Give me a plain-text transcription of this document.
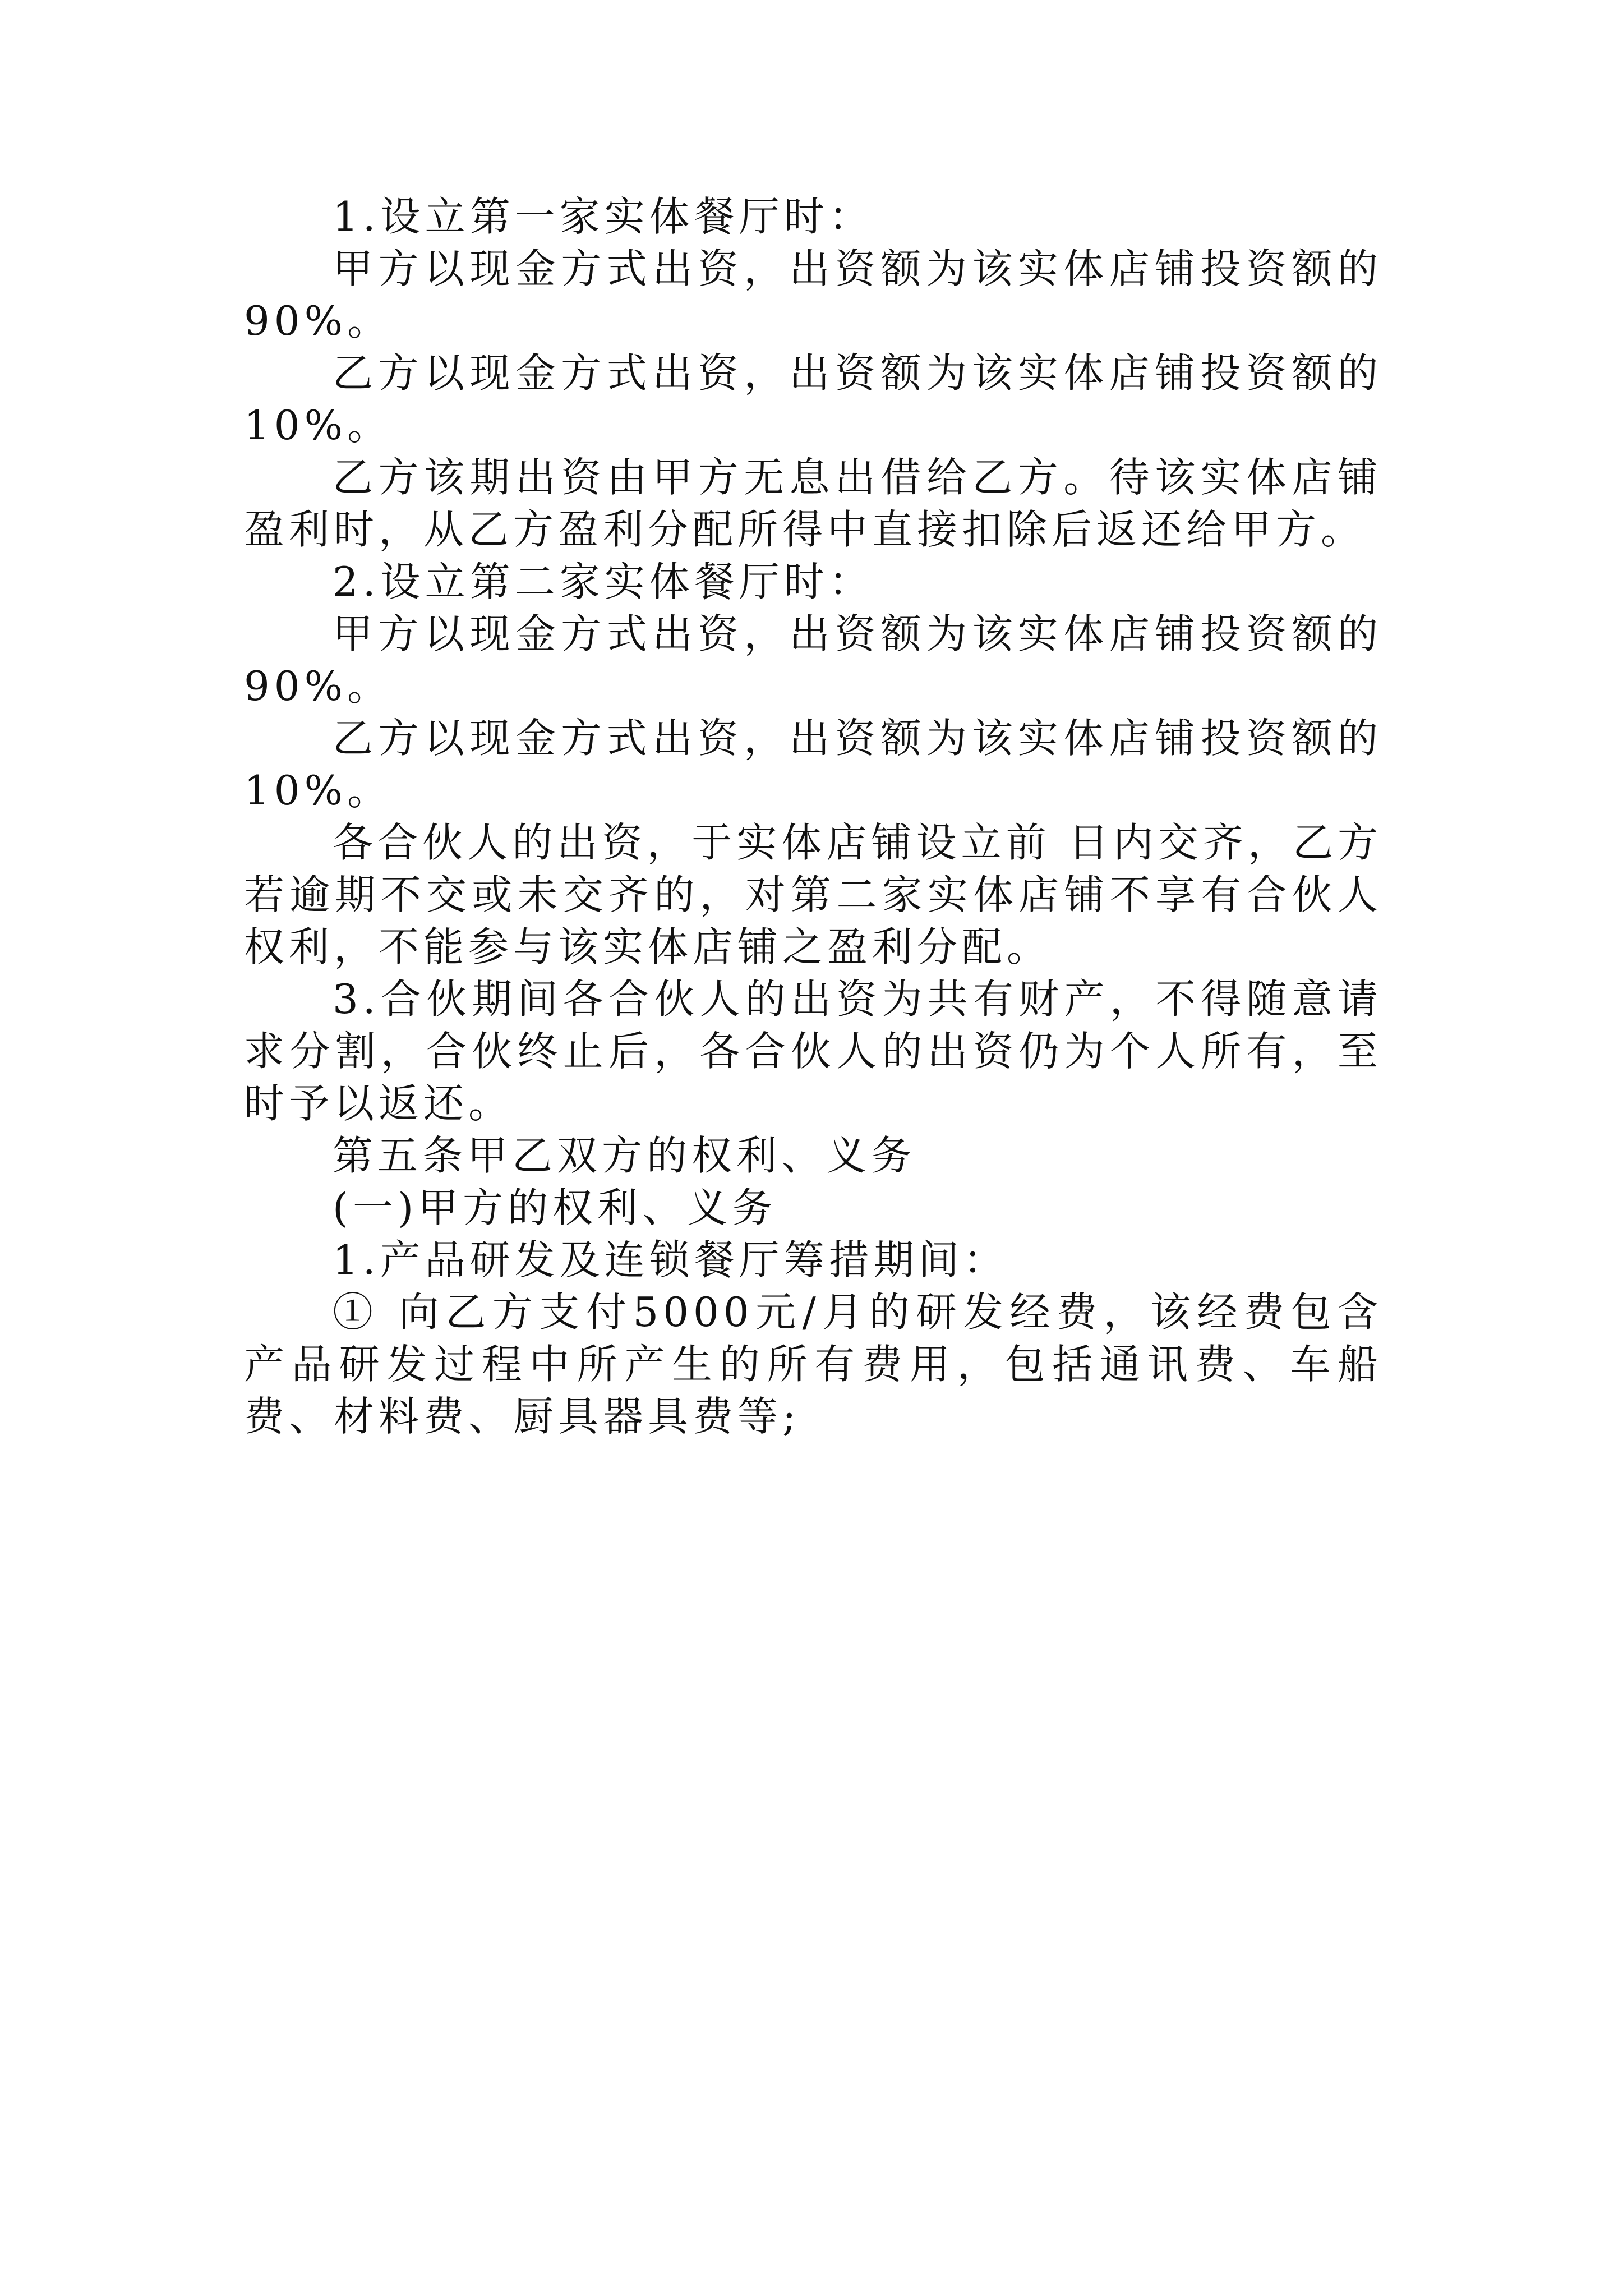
1.设立第一家实体餐厅时：

甲方以现金方式出资，出资额为该实体店铺投资额的90%。

乙方以现金方式出资，出资额为该实体店铺投资额的10%。

乙方该期出资由甲方无息出借给乙方。待该实体店铺盈利时，从乙方盈利分配所得中直接扣除后返还给甲方。

2.设立第二家实体餐厅时：

甲方以现金方式出资，出资额为该实体店铺投资额的90%。

乙方以现金方式出资，出资额为该实体店铺投资额的10%。

各合伙人的出资，于实体店铺设立前 日内交齐，乙方若逾期不交或未交齐的，对第二家实体店铺不享有合伙人权利，不能参与该实体店铺之盈利分配。

3.合伙期间各合伙人的出资为共有财产，不得随意请求分割，合伙终止后，各合伙人的出资仍为个人所有，至时予以返还。

第五条甲乙双方的权利、义务

(一)甲方的权利、义务

1.产品研发及连锁餐厅筹措期间：

① 向乙方支付5000元/月的研发经费，该经费包含产品研发过程中所产生的所有费用，包括通讯费、车船费、材料费、厨具器具费等;
